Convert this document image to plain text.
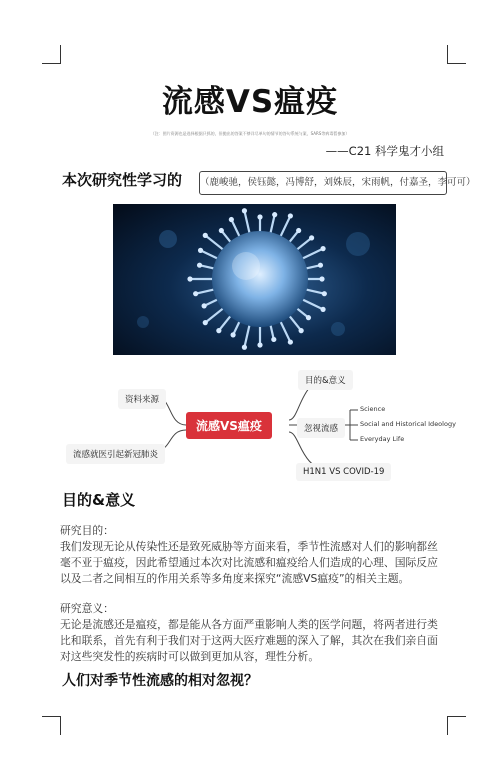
流感VS瘟疫
（注：图片资源也是选择根据只抓的，但抛出的答案不够详尽单句的情节的答句系统与案，SARS等病毒暂参加）
——C21 科学鬼才小组
本次研究性学习的 （鹿峻驰，侯钰懿，冯博舒，刘姝辰，宋雨帆，付嘉圣，李可可）
流感VS瘟疫
资料来源
流感就医引起新冠肺炎
目的&意义
忽视流感
H1N1 VS COVID-19
Science
Social and Historical Ideology
Everyday Life
目的&意义

研究目的：

我们发现无论从传染性还是致死威胁等方面来看，季节性流感对人们的影响都丝毫不亚于瘟疫，因此希望通过本次对比流感和瘟疫给人们造成的心理、国际反应以及二者之间相互的作用关系等多角度来探究“流感VS瘟疫”的相关主题。

研究意义：

无论是流感还是瘟疫，都是能从各方面严重影响人类的医学问题，将两者进行类比和联系，首先有利于我们对于这两大医疗难题的深入了解，其次在我们亲自面对这些突发性的疾病时可以做到更加从容，理性分析。

人们对季节性流感的相对忽视？
